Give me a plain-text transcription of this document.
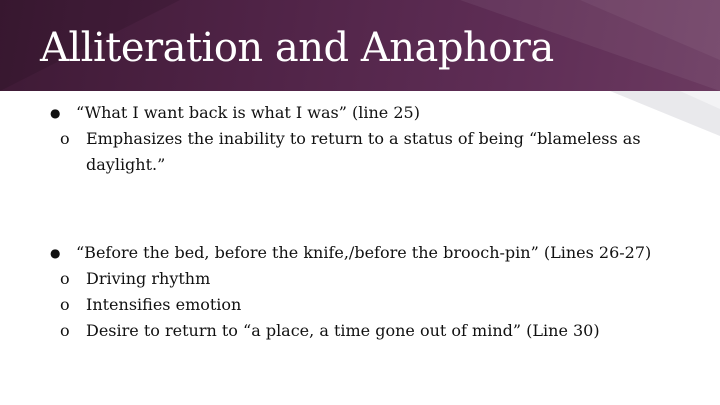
Alliteration and Anaphora
● “What I want back is what I was” (line 25)
o Emphasizes the inability to return to a status of being “blameless as daylight.”
● “Before the bed, before the knife,/before the brooch-pin” (Lines 26-27)
o Driving rhythm
o Intensifies emotion
o Desire to return to “a place, a time gone out of mind” (Line 30)
